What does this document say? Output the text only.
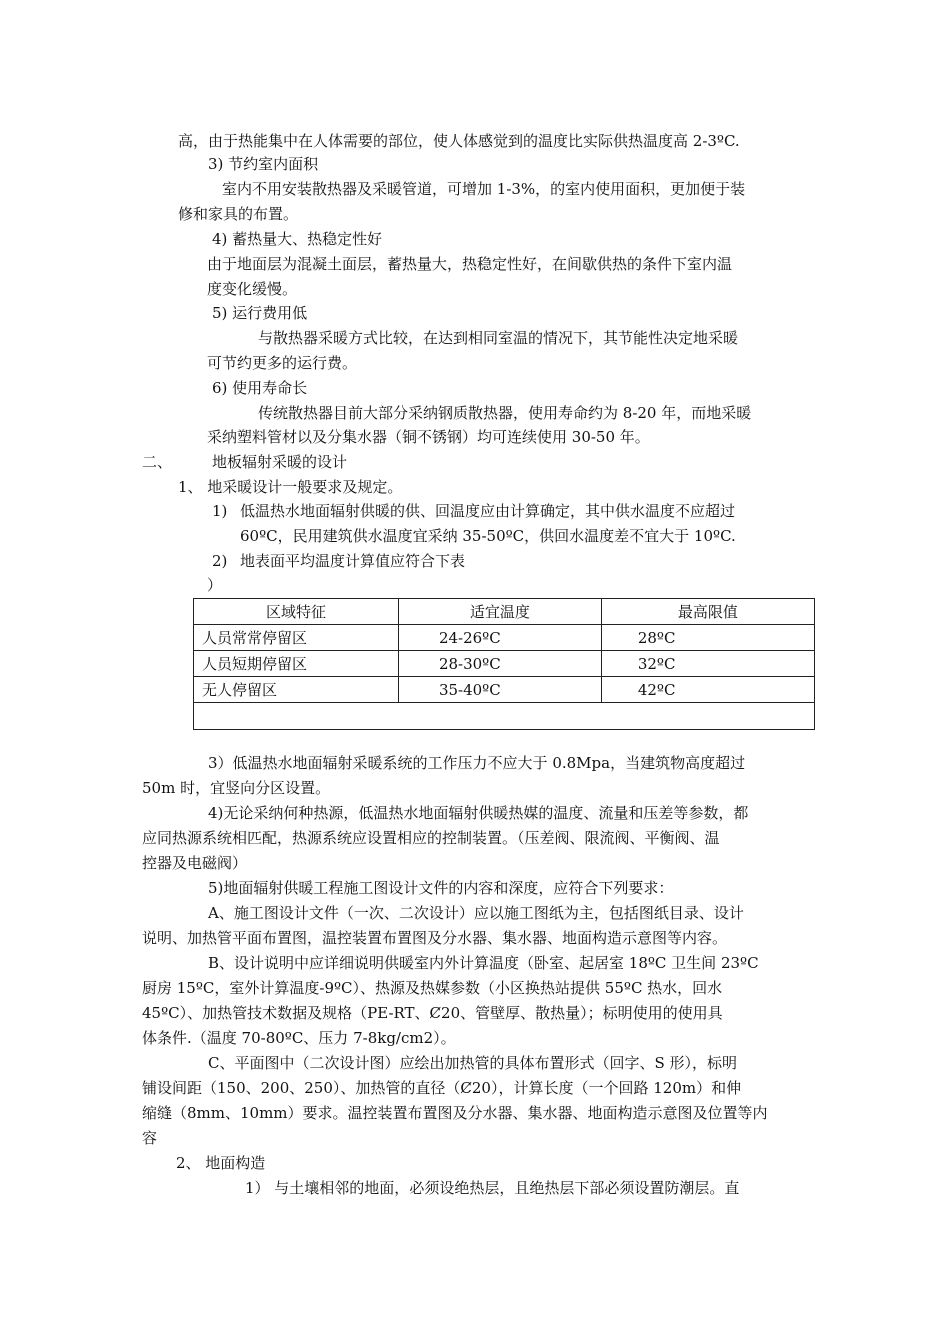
高，由于热能集中在人体需要的部位，使人体感觉到的温度比实际供热温度高 2-3ºC.
3) 节约室内面积
室内不用安装散热器及采暖管道，可增加 1-3%，的室内使用面积，更加便于装
修和家具的布置。
4) 蓄热量大、热稳定性好
由于地面层为混凝土面层，蓄热量大，热稳定性好，在间歇供热的条件下室内温
度变化缓慢。
5) 运行费用低
与散热器采暖方式比较，在达到相同室温的情况下，其节能性决定地采暖
可节约更多的运行费。
6) 使用寿命长
传统散热器目前大部分采纳钢质散热器，使用寿命约为 8-20 年，而地采暖
采纳塑料管材以及分集水器（铜不锈钢）均可连续使用 30-50 年。
二、	地板辐射采暖的设计
1、 地采暖设计一般要求及规定。
1) 低温热水地面辐射供暖的供、回温度应由计算确定，其中供水温度不应超过
60ºC，民用建筑供水温度宜采纳 35-50ºC，供回水温度差不宜大于 10ºC.
2) 地表面平均温度计算值应符合下表
）
区域特征	适宜温度	最高限值
人员常常停留区	24-26ºC	28ºC
人员短期停留区	28-30ºC	32ºC
无人停留区	35-40ºC	42ºC

3）低温热水地面辐射采暖系统的工作压力不应大于 0.8Mpa，当建筑物高度超过
50m 时，宜竖向分区设置。
4)无论采纳何种热源，低温热水地面辐射供暖热媒的温度、流量和压差等参数，都
应同热源系统相匹配，热源系统应设置相应的控制装置。（压差阀、限流阀、平衡阀、温
控器及电磁阀）
5)地面辐射供暖工程施工图设计文件的内容和深度，应符合下列要求：
A、施工图设计文件（一次、二次设计）应以施工图纸为主，包括图纸目录、设计
说明、加热管平面布置图，温控装置布置图及分水器、集水器、地面构造示意图等内容。
B、设计说明中应详细说明供暖室内外计算温度（卧室、起居室 18ºC 卫生间 23ºC
厨房 15ºC，室外计算温度-9ºC）、热源及热媒参数（小区换热站提供 55ºC 热水，回水
45ºC）、加热管技术数据及规格（PE-RT、Ȼ20、管壁厚、散热量）；标明使用的使用具
体条件.（温度 70-80ºC、压力 7-8kg/cm2）。
C、平面图中（二次设计图）应绘出加热管的具体布置形式（回字、S 形），标明
铺设间距（150、200、250）、加热管的直径（Ȼ20），计算长度（一个回路 120m）和伸
缩缝（8mm、10mm）要求。温控装置布置图及分水器、集水器、地面构造示意图及位置等内
容
2、 地面构造
1） 与土壤相邻的地面，必须设绝热层，且绝热层下部必须设置防潮层。直
